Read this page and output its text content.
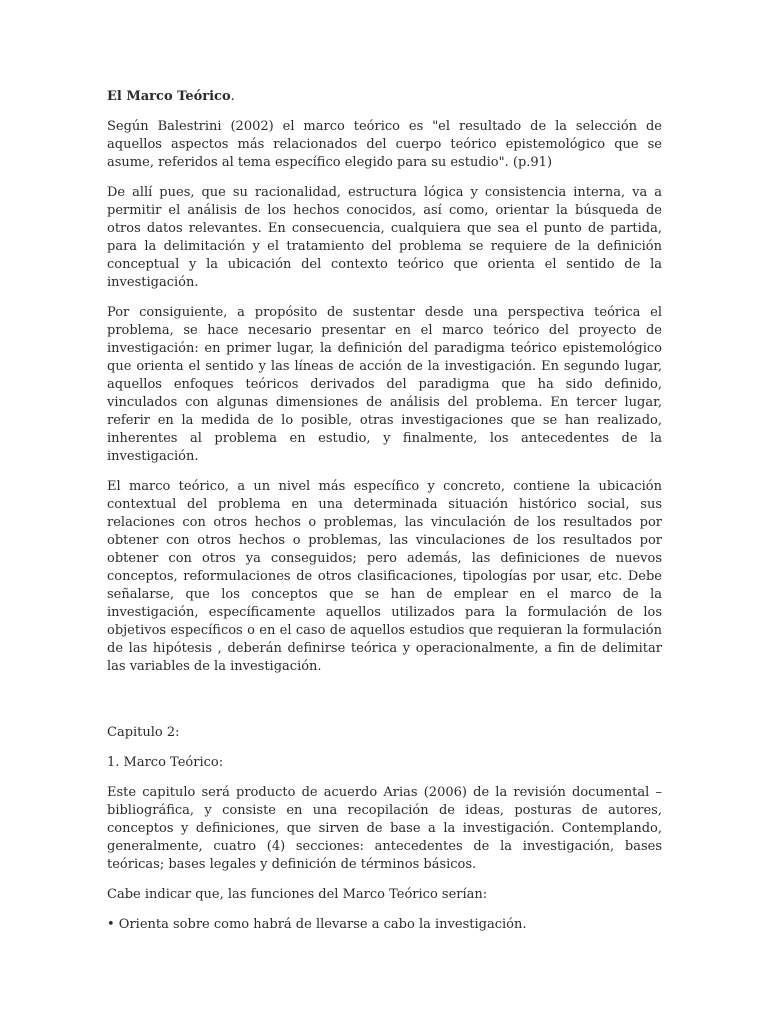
El Marco Teórico.

Según Balestrini (2002) el marco teórico es "el resultado de la selección de aquellos aspectos más relacionados del cuerpo teórico epistemológico que se asume, referidos al tema específico elegido para su estudio". (p.91)

De allí pues, que su racionalidad, estructura lógica y consistencia interna, va a permitir el análisis de los hechos conocidos, así como, orientar la búsqueda de otros datos relevantes. En consecuencia, cualquiera que sea el punto de partida, para la delimitación y el tratamiento del problema se requiere de la definición conceptual y la ubicación del contexto teórico que orienta el sentido de la investigación.

Por consiguiente, a propósito de sustentar desde una perspectiva teórica el problema, se hace necesario presentar en el marco teórico del proyecto de investigación: en primer lugar, la definición del paradigma teórico epistemológico que orienta el sentido y las líneas de acción de la investigación. En segundo lugar, aquellos enfoques teóricos derivados del paradigma que ha sido definido, vinculados con algunas dimensiones de análisis del problema. En tercer lugar, referir en la medida de lo posible, otras investigaciones que se han realizado, inherentes al problema en estudio, y finalmente, los antecedentes de la investigación.

El marco teórico, a un nivel más específico y concreto, contiene la ubicación contextual del problema en una determinada situación histórico social, sus relaciones con otros hechos o problemas, las vinculación de los resultados por obtener con otros hechos o problemas, las vinculaciones de los resultados por obtener con otros ya conseguidos; pero además, las definiciones de nuevos conceptos, reformulaciones de otros clasificaciones, tipologías por usar, etc. Debe señalarse, que los conceptos que se han de emplear en el marco de la investigación, específicamente aquellos utilizados para la formulación de los objetivos específicos o en el caso de aquellos estudios que requieran la formulación de las hipótesis , deberán definirse teórica y operacionalmente, a fin de delimitar las variables de la investigación.

Capitulo 2:

1. Marco Teórico:

Este capitulo será producto de acuerdo Arias (2006) de la revisión documental – bibliográfica, y consiste en una recopilación de ideas, posturas de autores, conceptos y definiciones, que sirven de base a la investigación. Contemplando, generalmente, cuatro (4) secciones: antecedentes de la investigación, bases teóricas; bases legales y definición de términos básicos.

Cabe indicar que, las funciones del Marco Teórico serían:

• Orienta sobre como habrá de llevarse a cabo la investigación.
